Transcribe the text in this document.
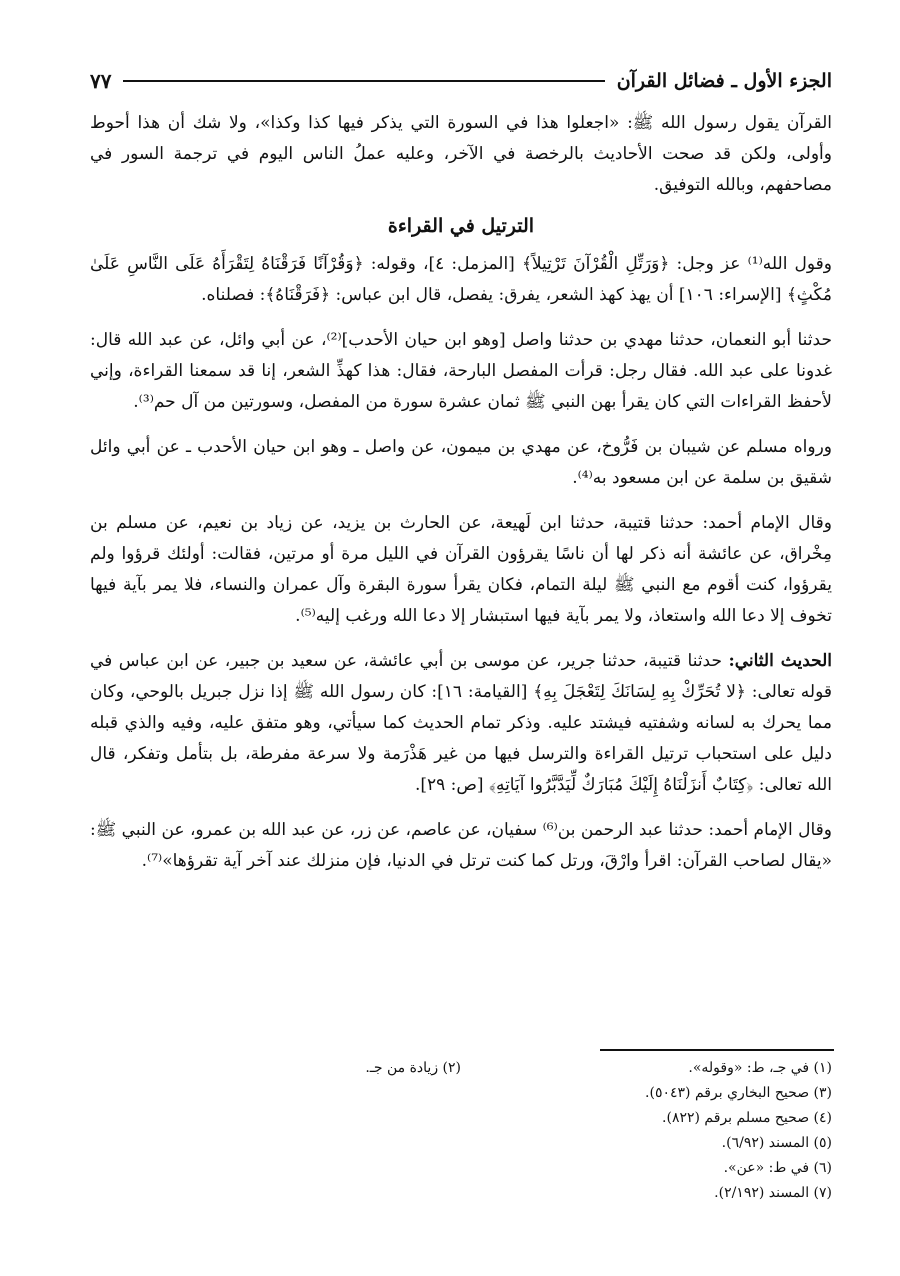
الجزء الأول ـ فضائل القرآن
٧٧

القرآن يقول رسول الله ﷺ: «اجعلوا هذا في السورة التي يذكر فيها كذا وكذا»، ولا شك أن هذا أحوط وأولى، ولكن قد صحت الأحاديث بالرخصة في الآخر، وعليه عملُ الناس اليوم في ترجمة السور في مصاحفهم، وبالله التوفيق.

الترتيل في القراءة

وقول الله⁽¹⁾ عز وجل: ﴿وَرَتِّلِ الْقُرْآنَ تَرْتِيلاً﴾ [المزمل: ٤]، وقوله: ﴿وَقُرْآنًا فَرَقْنَاهُ لِتَقْرَأَهُ عَلَى النَّاسِ عَلَىٰ مُكْثٍ﴾ [الإسراء: ١٠٦] أن يهذ كهذ الشعر، يفرق: يفصل، قال ابن عباس: ﴿فَرَقْنَاهُ﴾: فصلناه.

حدثنا أبو النعمان، حدثنا مهدي بن حدثنا واصل [وهو ابن حيان الأحدب]⁽²⁾، عن أبي وائل، عن عبد الله قال: غدونا على عبد الله. فقال رجل: قرأت المفصل البارحة، فقال: هذا كهذِّ الشعر، إنا قد سمعنا القراءة، وإني لأحفظ القراءات التي كان يقرأ بهن النبي ﷺ ثمان عشرة سورة من المفصل، وسورتين من آل حم⁽³⁾.

ورواه مسلم عن شيبان بن فَرُّوخ، عن مهدي بن ميمون، عن واصل ـ وهو ابن حيان الأحدب ـ عن أبي وائل شقيق بن سلمة عن ابن مسعود به⁽⁴⁾.

وقال الإمام أحمد: حدثنا قتيبة، حدثنا ابن لَهيعة، عن الحارث بن يزيد، عن زياد بن نعيم، عن مسلم بن مِخْراق، عن عائشة أنه ذكر لها أن ناسًا يقرؤون القرآن في الليل مرة أو مرتين، فقالت: أولئك قرؤوا ولم يقرؤوا، كنت أقوم مع النبي ﷺ ليلة التمام، فكان يقرأ سورة البقرة وآل عمران والنساء، فلا يمر بآية فيها تخوف إلا دعا الله واستعاذ، ولا يمر بآية فيها استبشار إلا دعا الله ورغب إليه⁽⁵⁾.

الحديث الثاني: حدثنا قتيبة، حدثنا جرير، عن موسى بن أبي عائشة، عن سعيد بن جبير، عن ابن عباس في قوله تعالى: ﴿لا تُحَرِّكْ بِهِ لِسَانَكَ لِتَعْجَلَ بِهِ﴾ [القيامة: ١٦]: كان رسول الله ﷺ إذا نزل جبريل بالوحي، وكان مما يحرك به لسانه وشفتيه فيشتد عليه. وذكر تمام الحديث كما سيأتي، وهو متفق عليه، وفيه والذي قبله دليل على استحباب ترتيل القراءة والترسل فيها من غير هَذْرَمة ولا سرعة مفرطة، بل بتأمل وتفكر، قال الله تعالى: ﴿كِتَابٌ أَنزَلْنَاهُ إِلَيْكَ مُبَارَكٌ لِّيَدَّبَّرُوا آيَاتِهِ﴾ [ص: ٢٩].

وقال الإمام أحمد: حدثنا عبد الرحمن بن⁽⁶⁾ سفيان، عن عاصم، عن زر، عن عبد الله بن عمرو، عن النبي ﷺ: «يقال لصاحب القرآن: اقرأ وارْقَ، ورتل كما كنت ترتل في الدنيا، فإن منزلك عند آخر آية تقرؤها»⁽⁷⁾.

(١) في جـ، ط: «وقوله».
(٢) زيادة من جـ.
(٣) صحيح البخاري برقم (٥٠٤٣).
(٤) صحيح مسلم برقم (٨٢٢).
(٥) المسند (٦/٩٢).
(٦) في ط: «عن».
(٧) المسند (٢/١٩٢).
